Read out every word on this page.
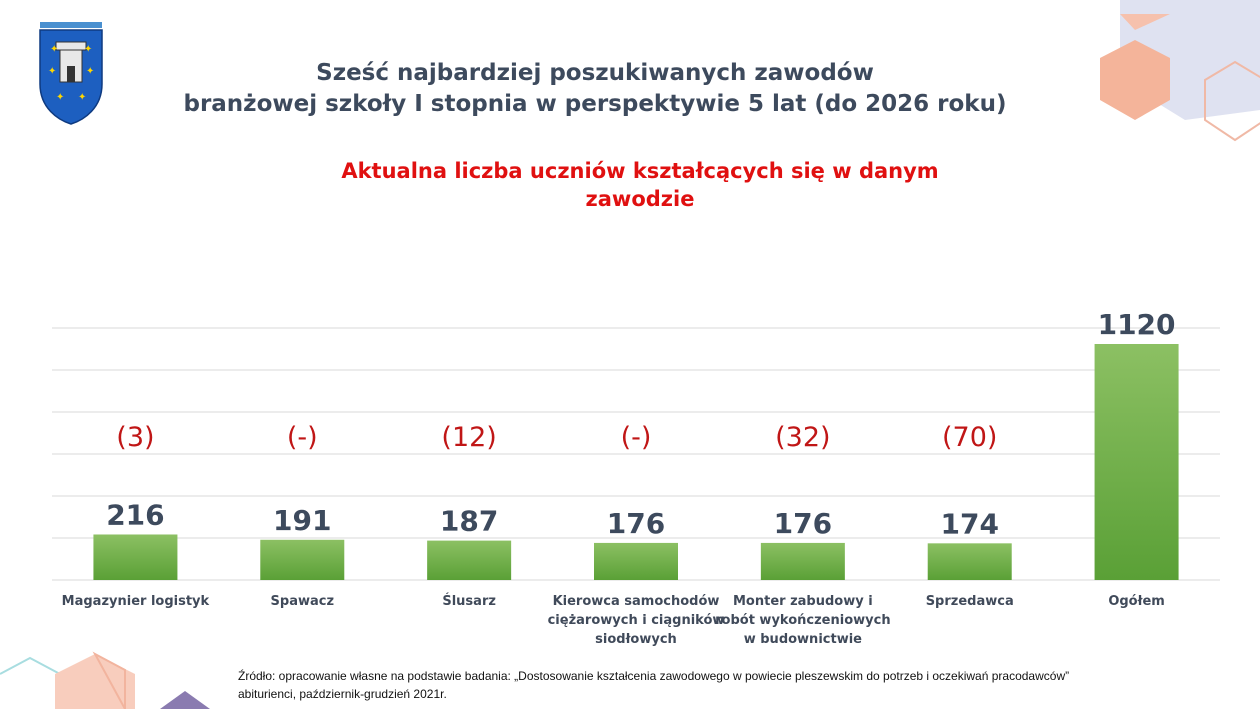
✦	✦
✦	✦
✦ ✦
Sześć najbardziej poszukiwanych zawodów
branżowej szkoły I stopnia w perspektywie 5 lat (do 2026 roku)
Aktualna liczba uczniów kształcących się w danym
zawodzie
216
(3)
Magazynier logistyk
191
(-)
Spawacz
187
(12)
Ślusarz
176
(-)
Kierowca samochodów ciężarowych i ciągników siodłowych
176
(32)
Monter zabudowy i robót wykończeniowych w budownictwie
174
(70)
Sprzedawca
1120
Ogółem
Źródło: opracowanie własne na podstawie badania: „Dostosowanie kształcenia zawodowego w powiecie pleszewskim do potrzeb i oczekiwań pracodawców”
abiturienci, październik-grudzień 2021r.
